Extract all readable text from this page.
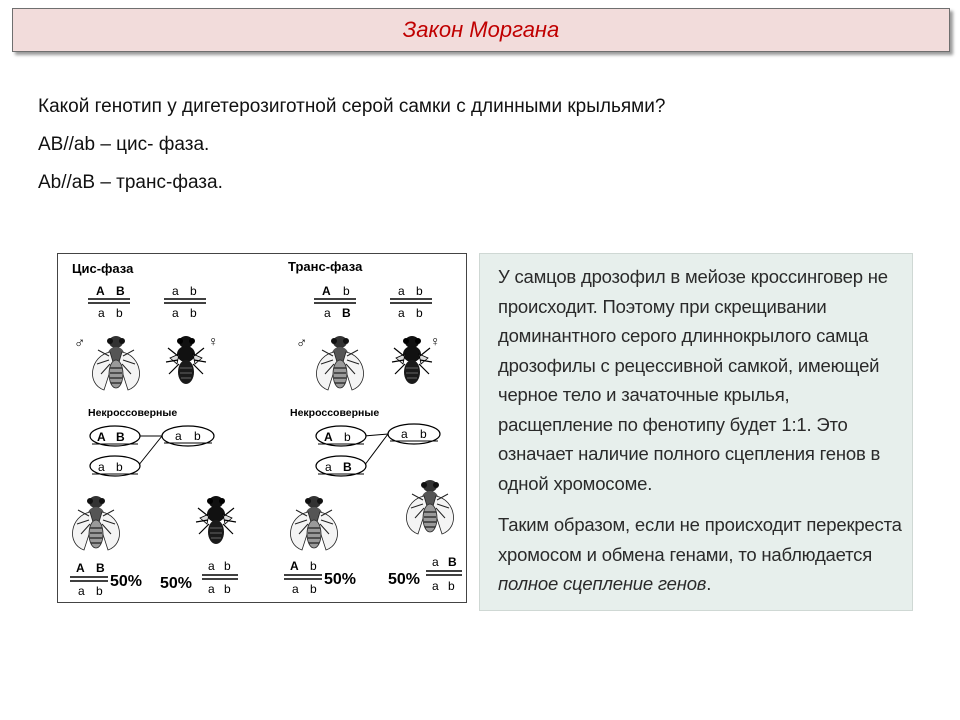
Закон Моргана
Какой генотип у дигетерозиготной серой самки с длинными крыльями?
AB//ab – цис- фаза.
Ab//aB – транс-фаза.
Цис-фаза	Транс-фаза
A B
a b
a b
a b
A b
a B
a b
a b
♂	♀	♂	♀
Некроссоверные	Некроссоверные
A B
a b
a b	A b
a B
a b
A B
a b
50% 50%
a b
a b
A b
a b
50% 50%
a B
a b

У самцов дрозофил в мейозе кроссинговер не происходит. Поэтому при скрещивании доминантного серого длиннокрылого самца дрозофилы с рецессивной самкой, имеющей черное тело и зачаточные крылья, расщепление по фенотипу будет 1:1. Это означает наличие полного сцепления генов в одной хромосоме.

Таким образом, если не происходит перекреста хромосом и обмена генами, то наблюдается полное сцепление генов.
